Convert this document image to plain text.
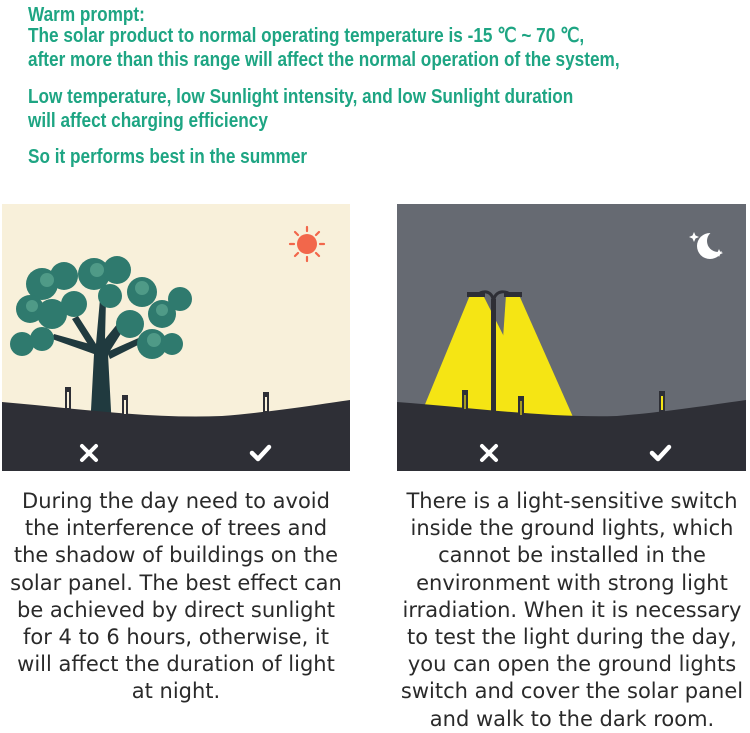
Warm prompt:
The solar product to normal operating temperature is -15 ℃ ~ 70 ℃,
after more than this range will affect the normal operation of the system,
Low temperature, low Sunlight intensity, and low Sunlight duration
will affect charging efficiency
So it performs best in the summer
During the day need to avoid
the interference of trees and
the shadow of buildings on the
solar panel. The best effect can
be achieved by direct sunlight
for 4 to 6 hours, otherwise, it
will affect the duration of light
at night.
There is a light-sensitive switch
inside the ground lights, which
cannot be installed in the
environment with strong light
irradiation. When it is necessary
to test the light during the day,
you can open the ground lights
switch and cover the solar panel
and walk to the dark room.
